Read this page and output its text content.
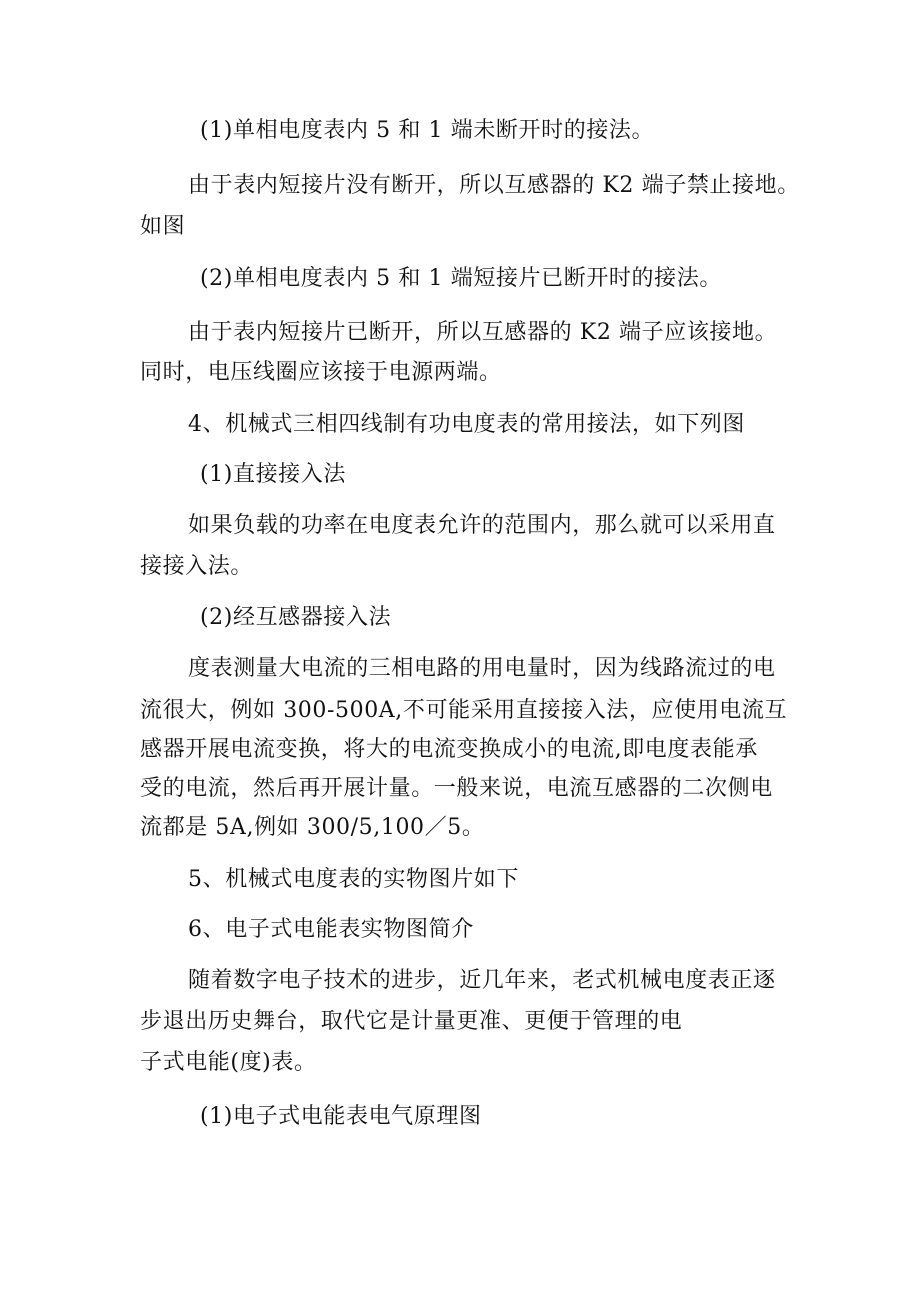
(1)单相电度表内 5 和 1 端未断开时的接法。
由于表内短接片没有断开，所以互感器的 K2 端子禁止接地。
如图
(2)单相电度表内 5 和 1 端短接片已断开时的接法。
由于表内短接片已断开，所以互感器的 K2 端子应该接地。
同时，电压线圈应该接于电源两端。
4、机械式三相四线制有功电度表的常用接法，如下列图
(1)直接接入法
如果负载的功率在电度表允许的范围内，那么就可以采用直
接接入法。
(2)经互感器接入法
度表测量大电流的三相电路的用电量时，因为线路流过的电
流很大，例如 300-500A,不可能采用直接接入法，应使用电流互
感器开展电流变换，将大的电流变换成小的电流,即电度表能承
受的电流，然后再开展计量。一般来说，电流互感器的二次侧电
流都是 5A,例如 300/5,100／5。
5、机械式电度表的实物图片如下
6、电子式电能表实物图简介
随着数字电子技术的进步，近几年来，老式机械电度表正逐
步退出历史舞台，取代它是计量更准、更便于管理的电
子式电能(度)表。
(1)电子式电能表电气原理图
